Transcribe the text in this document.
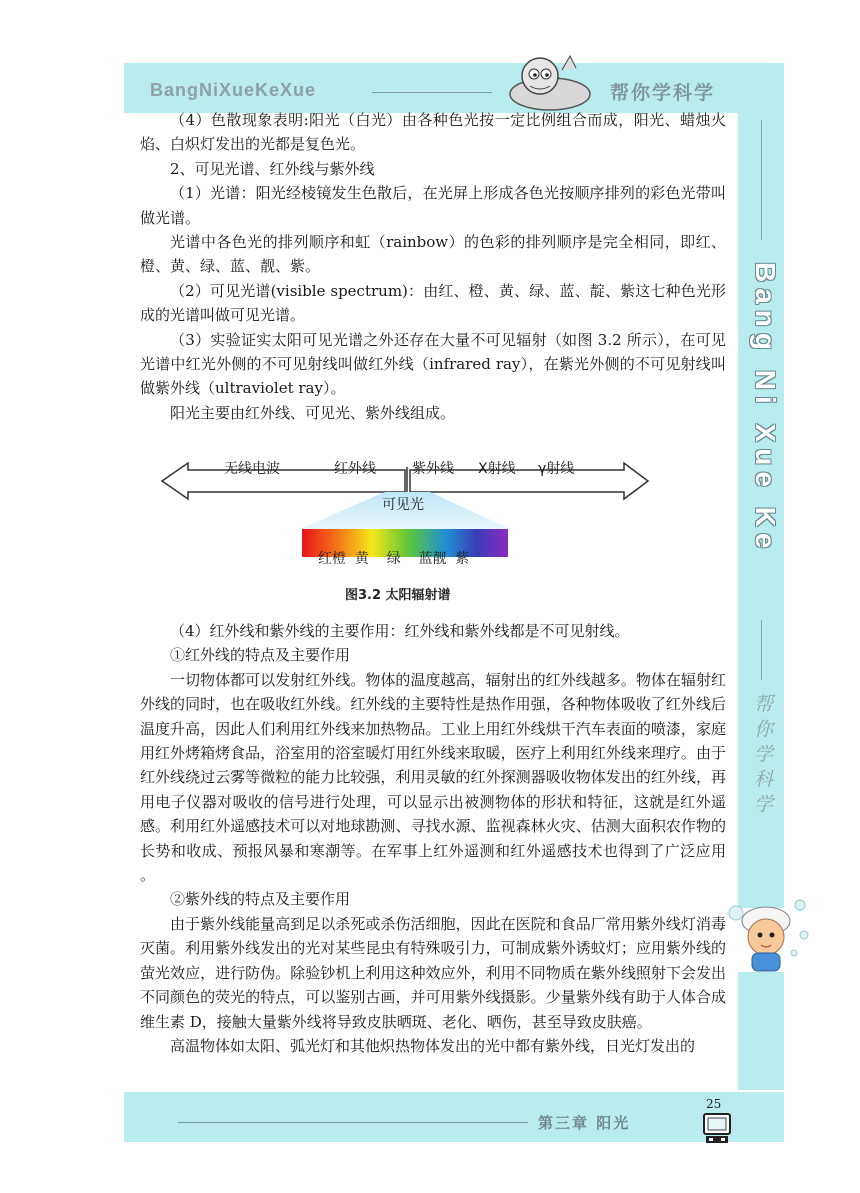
BangNiXueKeXue	帮你学科学
Bang Ni Xue Ke
帮你学科学

（4）色散现象表明:阳光（白光）由各种色光按一定比例组合而成，阳光、蜡烛火焰、白炽灯发出的光都是复色光。

2、可见光谱、红外线与紫外线

（1）光谱：阳光经棱镜发生色散后，在光屏上形成各色光按顺序排列的彩色光带叫做光谱。

光谱中各色光的排列顺序和虹（rainbow）的色彩的排列顺序是完全相同，即红、橙、黄、绿、蓝、靓、紫。

（2）可见光谱(visible spectrum)：由红、橙、黄、绿、蓝、靛、紫这七种色光形成的光谱叫做可见光谱。

（3）实验证实太阳可见光谱之外还存在大量不可见辐射（如图 3.2 所示），在可见光谱中红光外侧的不可见射线叫做红外线（infrared ray），在紫光外侧的不可见射线叫做紫外线（ultraviolet ray）。

阳光主要由红外线、可见光、紫外线组成。

无线电波	红外线	紫外线 X射线 γ射线
可见光
红橙  黄    绿    蓝靓  紫
图3.2 太阳辐射谱

（4）红外线和紫外线的主要作用：红外线和紫外线都是不可见射线。

①红外线的特点及主要作用

一切物体都可以发射红外线。物体的温度越高，辐射出的红外线越多。物体在辐射红外线的同时，也在吸收红外线。红外线的主要特性是热作用强，各种物体吸收了红外线后温度升高，因此人们利用红外线来加热物品。工业上用红外线烘干汽车表面的喷漆，家庭用红外烤箱烤食品，浴室用的浴室暖灯用红外线来取暖，医疗上利用红外线来理疗。由于红外线绕过云雾等微粒的能力比较强，利用灵敏的红外探测器吸收物体发出的红外线，再用电子仪器对吸收的信号进行处理，可以显示出被测物体的形状和特征，这就是红外遥感。利用红外遥感技术可以对地球勘测、寻找水源、监视森林火灾、估测大面积农作物的长势和收成、预报风暴和寒潮等。在军事上红外遥测和红外遥感技术也得到了广泛应用 。

②紫外线的特点及主要作用

由于紫外线能量高到足以杀死或杀伤活细胞，因此在医院和食品厂常用紫外线灯消毒灭菌。利用紫外线发出的光对某些昆虫有特殊吸引力，可制成紫外诱蚊灯；应用紫外线的萤光效应，进行防伪。除验钞机上利用这种效应外，利用不同物质在紫外线照射下会发出不同颜色的荧光的特点，可以鉴别古画，并可用紫外线摄影。少量紫外线有助于人体合成维生素 D，接触大量紫外线将导致皮肤晒斑、老化、晒伤，甚至导致皮肤癌。

高温物体如太阳、弧光灯和其他炽热物体发出的光中都有紫外线，日光灯发出的

第三章 阳光
25
